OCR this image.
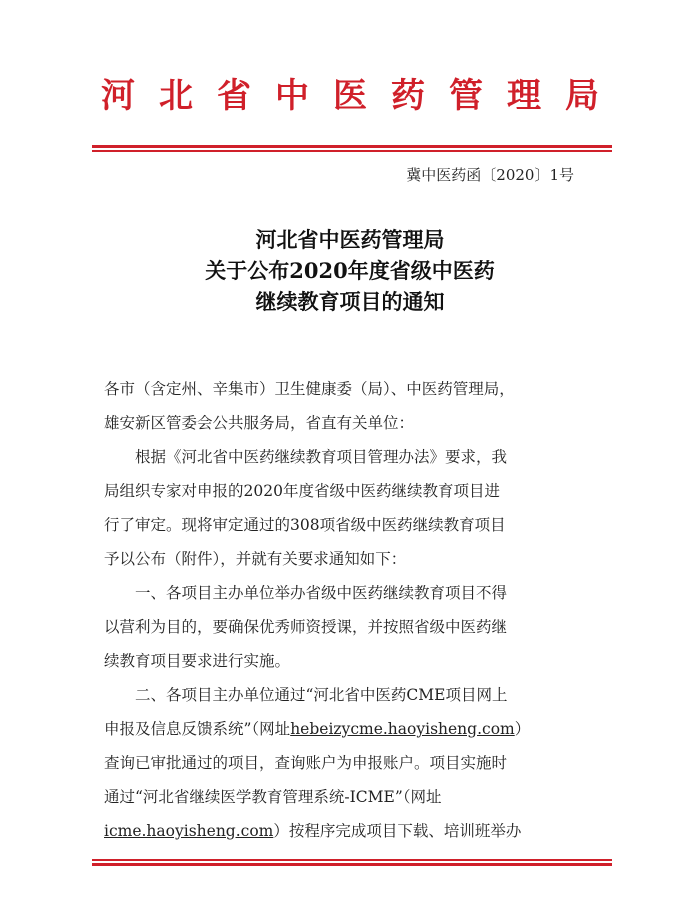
河北省中医药管理局
冀中医药函〔2020〕1号
河北省中医药管理局
关于公布2020年度省级中医药
继续教育项目的通知

各市（含定州、辛集市）卫生健康委（局）、中医药管理局，
雄安新区管委会公共服务局，省直有关单位：

根据《河北省中医药继续教育项目管理办法》要求，我
局组织专家对申报的2020年度省级中医药继续教育项目进
行了审定。现将审定通过的308项省级中医药继续教育项目
予以公布（附件），并就有关要求通知如下：

一、各项目主办单位举办省级中医药继续教育项目不得
以营利为目的，要确保优秀师资授课，并按照省级中医药继
续教育项目要求进行实施。

二、各项目主办单位通过“河北省中医药CME项目网上
申报及信息反馈系统”（网址hebeizycme.haoyisheng.com）
查询已审批通过的项目，查询账户为申报账户。项目实施时
通过“河北省继续医学教育管理系统-ICME”（网址
icme.haoyisheng.com）按程序完成项目下载、培训班举办
